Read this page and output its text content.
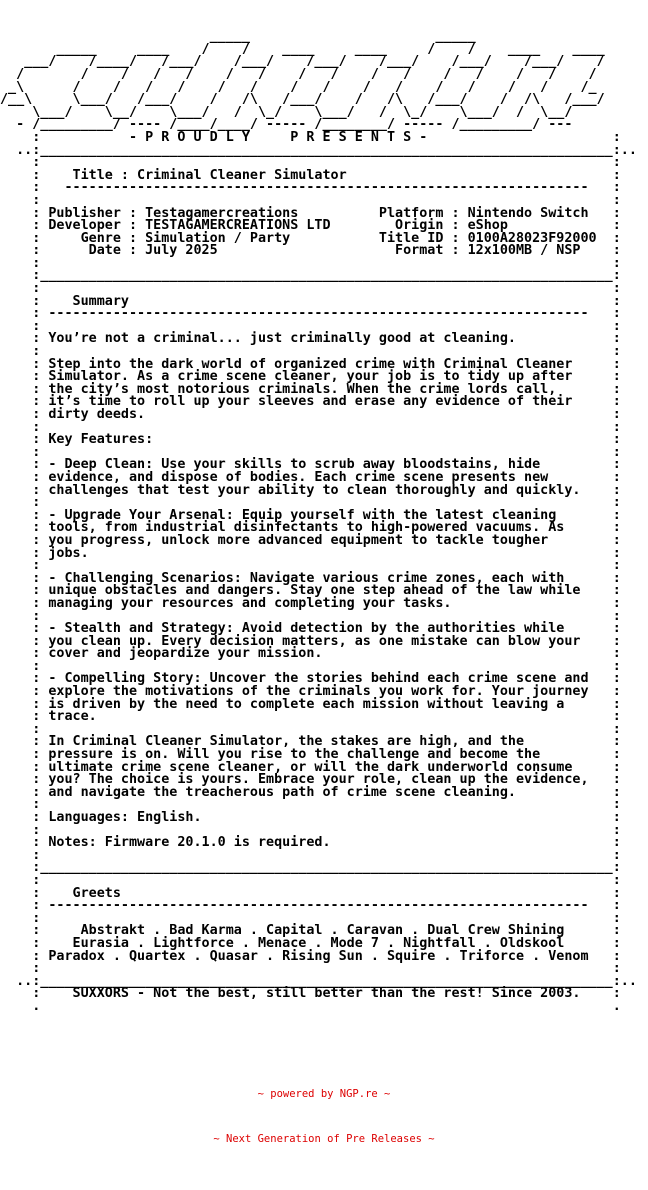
_____                       _____
_____     ____    /    /    ____     ____     /    /    ____    ____
___/    /____/   /___/    /___/    /___/    /___/    /___/    /___/    /
/       /    /   /   /    /   /    /   /    /   /    /   /    /   /    /
_\      /    /   /   /    /   /    /   /    /   /    /   /    /   /    /_
/__\     \___/   /___/    /   /\   /___/    /   /\   /___/    /  /\   /___/
\___/    \__/    \___/   /  \_/    \___/   /  \_/    \___/  /  \__/
- /_________/ ---- /____/____/ ----- /________/ ----- /_________/ ---
:           - P R O U D L Y     P R E S E N T S -                       :
..:_______________________________________________________________________:..
:                                                                       :
:    Title : Criminal Cleaner Simulator                                 :
:   -----------------------------------------------------------------   :
:                                                                       :
: Publisher : Testagamercreations          Platform : Nintendo Switch   :
: Developer : TESTAGAMERCREATIONS LTD        Origin : eShop             :
:     Genre : Simulation / Party           Title ID : 0100A28023F92000  :
:      Date : July 2025                      Format : 12x100MB / NSP    :
:                                                                       :
:_______________________________________________________________________:
:                                                                       :
:    Summary                                                            :
: -------------------------------------------------------------------   :
:                                                                       :
: You’re not a criminal... just criminally good at cleaning.            :
:                                                                       :
: Step into the dark world of organized crime with Criminal Cleaner     :
: Simulator. As a crime scene cleaner, your job is to tidy up after     :
: the city’s most notorious criminals. When the crime lords call,       :
: it’s time to roll up your sleeves and erase any evidence of their     :
: dirty deeds.                                                          :
:                                                                       :
: Key Features:                                                         :
:                                                                       :
: - Deep Clean: Use your skills to scrub away bloodstains, hide         :
: evidence, and dispose of bodies. Each crime scene presents new        :
: challenges that test your ability to clean thoroughly and quickly.    :
:                                                                       :
: - Upgrade Your Arsenal: Equip yourself with the latest cleaning       :
: tools, from industrial disinfectants to high-powered vacuums. As      :
: you progress, unlock more advanced equipment to tackle tougher        :
: jobs.                                                                 :
:                                                                       :
: - Challenging Scenarios: Navigate various crime zones, each with      :
: unique obstacles and dangers. Stay one step ahead of the law while    :
: managing your resources and completing your tasks.                    :
:                                                                       :
: - Stealth and Strategy: Avoid detection by the authorities while      :
: you clean up. Every decision matters, as one mistake can blow your    :
: cover and jeopardize your mission.                                    :
:                                                                       :
: - Compelling Story: Uncover the stories behind each crime scene and   :
: explore the motivations of the criminals you work for. Your journey   :
: is driven by the need to complete each mission without leaving a      :
: trace.                                                                :
:                                                                       :
: In Criminal Cleaner Simulator, the stakes are high, and the           :
: pressure is on. Will you rise to the challenge and become the         :
: ultimate crime scene cleaner, or will the dark underworld consume     :
: you? The choice is yours. Embrace your role, clean up the evidence,   :
: and navigate the treacherous path of crime scene cleaning.            :
:                                                                       :
: Languages: English.                                                   :
:                                                                       :
: Notes: Firmware 20.1.0 is required.                                   :
:                                                                       :
:_______________________________________________________________________:
:                                                                       :
:    Greets                                                             :
: -------------------------------------------------------------------   :
:                                                                       :
:     Abstrakt . Bad Karma . Capital . Caravan . Dual Crew Shining      :
:    Eurasia . Lightforce . Menace . Mode 7 . Nightfall . Oldskool      :
: Paradox . Quartex . Quasar . Rising Sun . Squire . Triforce . Venom   :
:                                                                       :
..:_______________________________________________________________________:..
:    SUXXORS - Not the best, still better than the rest! Since 2003.    :
.                                                                       .

~ powered by NGP.re ~

~ Next Generation of Pre Releases ~
